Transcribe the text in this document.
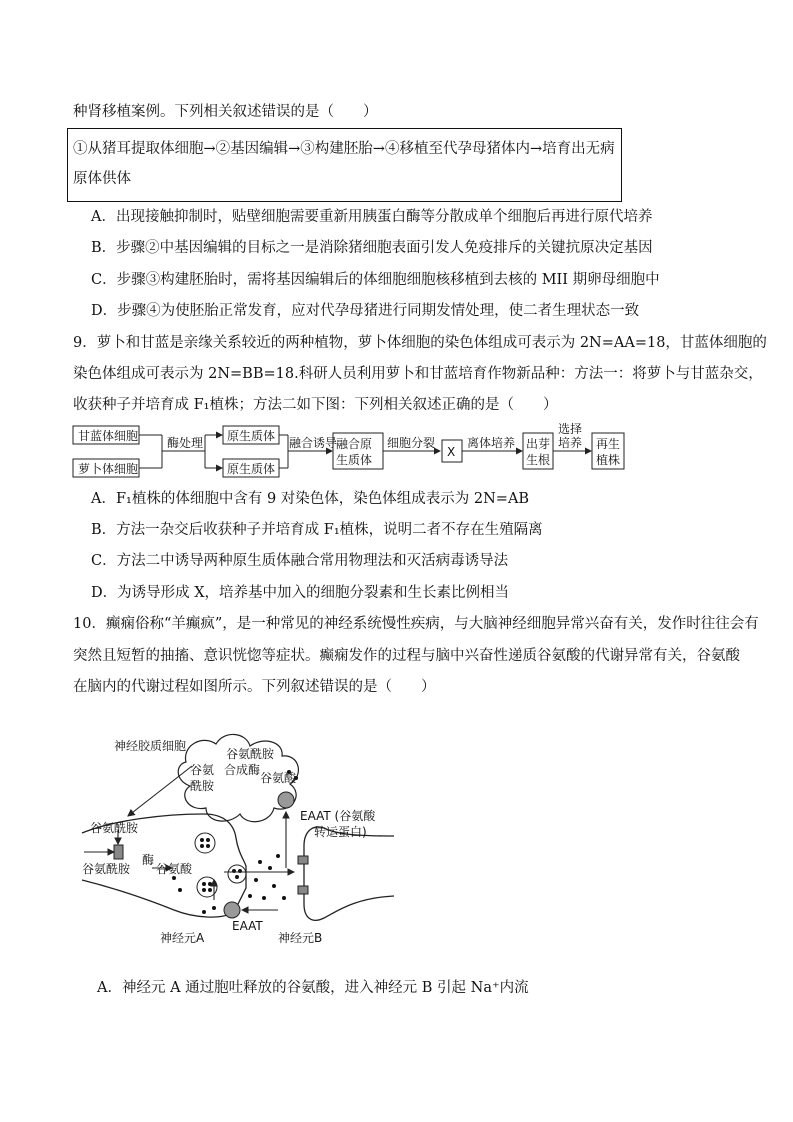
种肾移植案例。下列相关叙述错误的是（　　）
①从猪耳提取体细胞→②基因编辑→③构建胚胎→④移植至代孕母猪体内→培育出无病
原体供体
A．出现接触抑制时，贴壁细胞需要重新用胰蛋白酶等分散成单个细胞后再进行原代培养
B．步骤②中基因编辑的目标之一是消除猪细胞表面引发人免疫排斥的关键抗原决定基因
C．步骤③构建胚胎时，需将基因编辑后的体细胞细胞核移植到去核的 MII 期卵母细胞中
D．步骤④为使胚胎正常发育，应对代孕母猪进行同期发情处理，使二者生理状态一致
9．萝卜和甘蓝是亲缘关系较近的两种植物，萝卜体细胞的染色体组成可表示为 2N=AA=18，甘蓝体细胞的
染色体组成可表示为 2N=BB=18.科研人员利用萝卜和甘蓝培育作物新品种：方法一：将萝卜与甘蓝杂交，
收获种子并培育成 F₁植株；方法二如下图：下列相关叙述正确的是（　　）
甘蓝体细胞
萝卜体细胞
酶处理 原生质体
原生质体
融合诱导
融合原
生质体
细胞分裂
X
离体培养 出芽
生根
选择
培养 再生
植株
A．F₁植株的体细胞中含有 9 对染色体，染色体组成表示为 2N=AB
B．方法一杂交后收获种子并培育成 F₁植株，说明二者不存在生殖隔离
C．方法二中诱导两种原生质体融合常用物理法和灭活病毒诱导法
D．为诱导形成 X，培养基中加入的细胞分裂素和生长素比例相当
10．癫痫俗称“羊癫疯”，是一种常见的神经系统慢性疾病，与大脑神经细胞异常兴奋有关，发作时往往会有
突然且短暂的抽搐、意识恍惚等症状。癫痫发作的过程与脑中兴奋性递质谷氨酸的代谢异常有关，谷氨酸
在脑内的代谢过程如图所示。下列叙述错误的是（　　）
神经胶质细胞
谷氨酰胺
合成酶
谷氨
酰胺
谷氨酸
谷氨酰胺
EAAT (谷氨酸
转运蛋白)
谷氨酰胺
酶
谷氨酸
EAAT
神经元A	神经元B
A．神经元 A 通过胞吐释放的谷氨酸，进入神经元 B 引起 Na⁺内流
